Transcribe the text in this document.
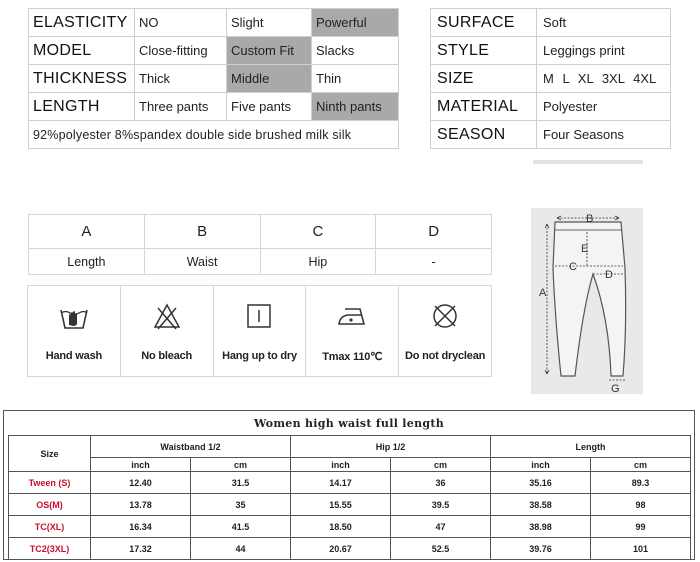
ELASTICITY	NO	Slight	Powerful
MODEL	Close-fitting	Custom Fit	Slacks
THICKNESS	Thick	Middle	Thin
LENGTH	Three pants	Five pants	Ninth pants
92%polyester 8%spandex double side brushed milk silk			
SURFACE	Soft
STYLE	Leggings print
SIZE	M L XL 3XL 4XL
MATERIAL	Polyester
SEASON	Four Seasons
A	B	C	D
Length	Waist	Hip	-
Hand wash	No bleach	Hang up to dry	Tmax 110℃	Do not dryclean
B
E
C
D
A
G
Women high waist full length
Size	Waistband 1/2		Hip 1/2		Length	
	inch	cm	inch	cm	inch	cm
Tween (S)	12.40	31.5	14.17	36	35.16	89.3
OS(M)	13.78	35	15.55	39.5	38.58	98
TC(XL)	16.34	41.5	18.50	47	38.98	99
TC2(3XL)	17.32	44	20.67	52.5	39.76	101
